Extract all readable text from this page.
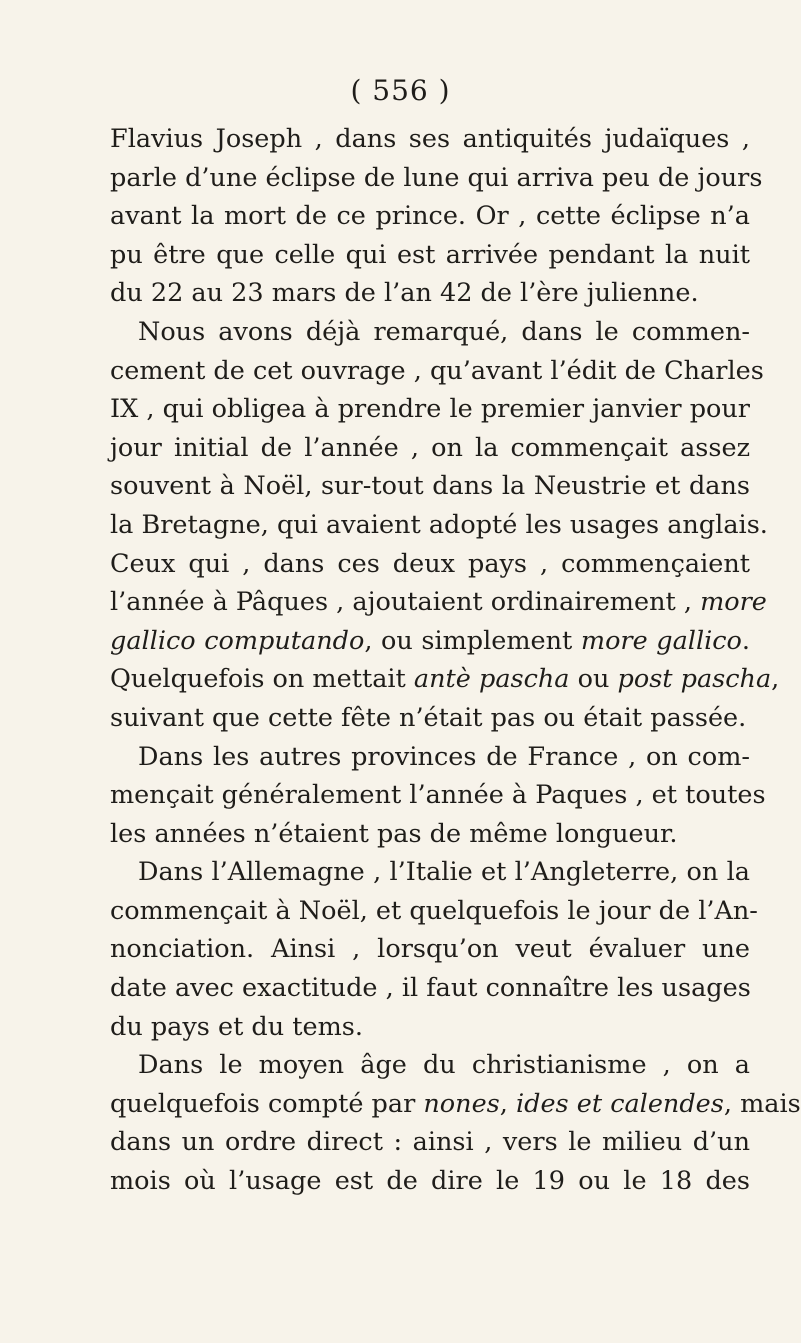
( 556 )
Flavius Joseph , dans ses antiquités judaïques ,
parle d’une éclipse de lune qui arriva peu de jours
avant la mort de ce prince. Or , cette éclipse n’a
pu être que celle qui est arrivée pendant la nuit
du 22 au 23 mars de l’an 42 de l’ère julienne.
Nous avons déjà remarqué, dans le commen-
cement de cet ouvrage , qu’avant l’édit de Charles
IX , qui obligea à prendre le premier janvier pour
jour initial de l’année , on la commençait assez
souvent à Noël, sur-tout dans la Neustrie et dans
la Bretagne, qui avaient adopté les usages anglais.
Ceux qui , dans ces deux pays , commençaient
l’année à Pâques , ajoutaient ordinairement , more
gallico computando, ou simplement more gallico.
Quelquefois on mettait antè pascha ou post pascha,
suivant que cette fête n’était pas ou était passée.
Dans les autres provinces de France , on com-
mençait généralement l’année à Paques , et toutes
les années n’étaient pas de même longueur.
Dans l’Allemagne , l’Italie et l’Angleterre, on la
commençait à Noël, et quelquefois le jour de l’An-
nonciation. Ainsi , lorsqu’on veut évaluer une
date avec exactitude , il faut connaître les usages
du pays et du tems.
Dans le moyen âge du christianisme , on a
quelquefois compté par nones, ides et calendes, mais
dans un ordre direct : ainsi , vers le milieu d’un
mois où l’usage est de dire le 19 ou le 18 des
